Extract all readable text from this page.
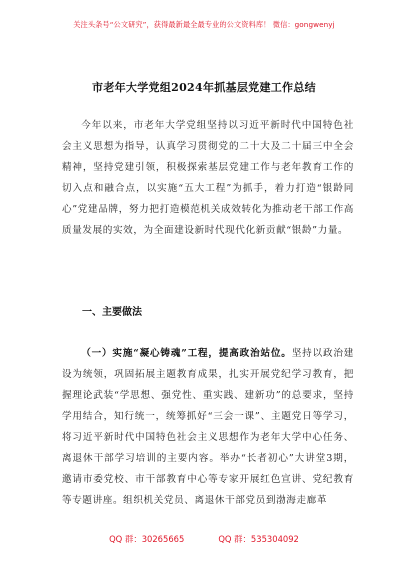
关注头条号“公文研究”，获得最新最全最专业的公文资料库！ 微信：gongwenyj
市老年大学党组2024年抓基层党建工作总结

今年以来，市老年大学党组坚持以习近平新时代中国特色社会主义思想为指导，认真学习贯彻党的二十大及二十届三中全会精神，坚持党建引领，积极探索基层党建工作与老年教育工作的切入点和融合点，以实施“五大工程”为抓手，着力打造“银龄同心”党建品牌，努力把打造模范机关成效转化为推动老干部工作高质量发展的实效，为全面建设新时代现代化新贡献“银龄”力量。

一、主要做法

（一）实施“凝心铸魂”工程，提高政治站位。坚持以政治建设为统领，巩固拓展主题教育成果，扎实开展党纪学习教育，把握理论武装“学思想、强党性、重实践、建新功”的总要求，坚持学用结合，知行统一，统筹抓好“三会一课”、主题党日等学习，将习近平新时代中国特色社会主义思想作为老年大学中心任务、离退休干部学习培训的主要内容。举办“长者初心”大讲堂3期，邀请市委党校、市干部教育中心等专家开展红色宣讲、党纪教育等专题讲座。组织机关党员、离退休干部党员到渤海走廊革

QQ 群：30265665	QQ 群：535304092
